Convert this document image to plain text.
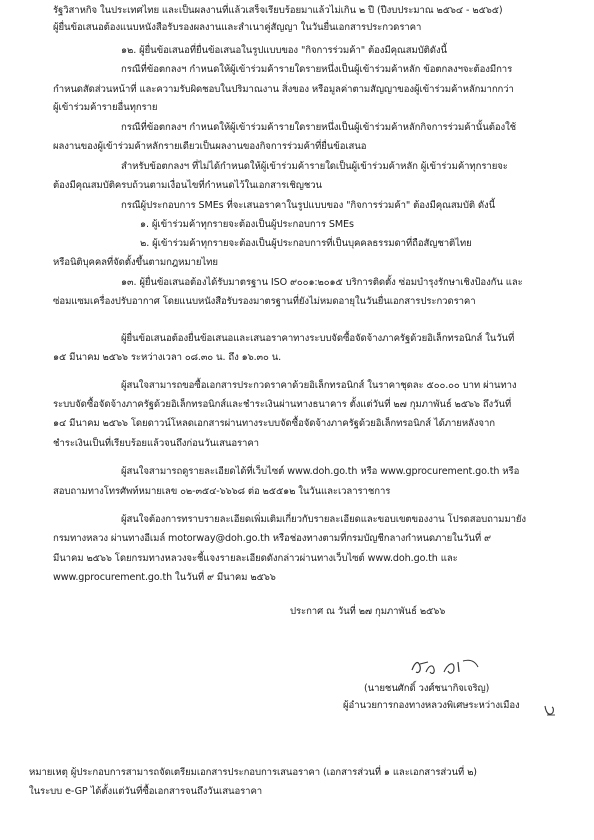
รัฐวิสาหกิจ ในประเทศไทย และเป็นผลงานที่แล้วเสร็จเรียบร้อยมาแล้วไม่เกิน ๒ ปี (ปีงบประมาณ ๒๕๖๔ - ๒๕๖๕)
ผู้ยื่นข้อเสนอต้องแนบหนังสือรับรองผลงานและสำเนาคู่สัญญา ในวันยื่นเอกสารประกวดราคา
๑๒. ผู้ยื่นข้อเสนอที่ยื่นข้อเสนอในรูปแบบของ "กิจการร่วมค้า" ต้องมีคุณสมบัติดังนี้
กรณีที่ข้อตกลงฯ กำหนดให้ผู้เข้าร่วมค้ารายใดรายหนึ่งเป็นผู้เข้าร่วมค้าหลัก ข้อตกลงฯจะต้องมีการ
กำหนดสัดส่วนหน้าที่ และความรับผิดชอบในปริมาณงาน สิ่งของ หรือมูลค่าตามสัญญาของผู้เข้าร่วมค้าหลักมากกว่า
ผู้เข้าร่วมค้ารายอื่นทุกราย
กรณีที่ข้อตกลงฯ กำหนดให้ผู้เข้าร่วมค้ารายใดรายหนึ่งเป็นผู้เข้าร่วมค้าหลักกิจการร่วมค้านั้นต้องใช้
ผลงานของผู้เข้าร่วมค้าหลักรายเดียวเป็นผลงานของกิจการร่วมค้าที่ยื่นข้อเสนอ
สำหรับข้อตกลงฯ ที่ไม่ได้กำหนดให้ผู้เข้าร่วมค้ารายใดเป็นผู้เข้าร่วมค้าหลัก ผู้เข้าร่วมค้าทุกรายจะ
ต้องมีคุณสมบัติครบถ้วนตามเงื่อนไขที่กำหนดไว้ในเอกสารเชิญชวน
กรณีผู้ประกอบการ SMEs ที่จะเสนอราคาในรูปแบบของ "กิจการร่วมค้า" ต้องมีคุณสมบัติ ดังนี้
๑. ผู้เข้าร่วมค้าทุกรายจะต้องเป็นผู้ประกอบการ SMEs
๒. ผู้เข้าร่วมค้าทุกรายจะต้องเป็นผู้ประกอบการที่เป็นบุคคลธรรมดาที่ถือสัญชาติไทย
หรือนิติบุคคลที่จัดตั้งขึ้นตามกฎหมายไทย
๑๓. ผู้ยื่นข้อเสนอต้องได้รับมาตรฐาน ISO ๙๐๐๑:๒๐๑๕ บริการติดตั้ง ซ่อมบำรุงรักษาเชิงป้องกัน และ
ซ่อมแซมเครื่องปรับอากาศ โดยแนบหนังสือรับรองมาตรฐานที่ยังไม่หมดอายุในวันยื่นเอกสารประกวดราคา
ผู้ยื่นข้อเสนอต้องยื่นข้อเสนอและเสนอราคาทางระบบจัดซื้อจัดจ้างภาครัฐด้วยอิเล็กทรอนิกส์ ในวันที่
๑๕ มีนาคม ๒๕๖๖ ระหว่างเวลา ๐๘.๓๐ น. ถึง ๑๖.๓๐ น.
ผู้สนใจสามารถขอซื้อเอกสารประกวดราคาด้วยอิเล็กทรอนิกส์ ในราคาชุดละ ๕๐๐.๐๐ บาท ผ่านทาง
ระบบจัดซื้อจัดจ้างภาครัฐด้วยอิเล็กทรอนิกส์และชำระเงินผ่านทางธนาคาร ตั้งแต่วันที่ ๒๗ กุมภาพันธ์ ๒๕๖๖ ถึงวันที่
๑๔ มีนาคม ๒๕๖๖ โดยดาวน์โหลดเอกสารผ่านทางระบบจัดซื้อจัดจ้างภาครัฐด้วยอิเล็กทรอนิกส์ ได้ภายหลังจาก
ชำระเงินเป็นที่เรียบร้อยแล้วจนถึงก่อนวันเสนอราคา
ผู้สนใจสามารถดูรายละเอียดได้ที่เว็บไซต์ www.doh.go.th หรือ www.gprocurement.go.th หรือ
สอบถามทางโทรศัพท์หมายเลข ๐๒-๓๕๔-๖๖๖๘ ต่อ ๒๕๕๑๒ ในวันและเวลาราชการ
ผู้สนใจต้องการทราบรายละเอียดเพิ่มเติมเกี่ยวกับรายละเอียดและขอบเขตของงาน โปรดสอบถามมายัง
กรมทางหลวง ผ่านทางอีเมล์ motorway@doh.go.th หรือช่องทางตามที่กรมบัญชีกลางกำหนดภายในวันที่ ๙
มีนาคม ๒๕๖๖ โดยกรมทางหลวงจะชี้แจงรายละเอียดดังกล่าวผ่านทางเว็บไซต์ www.doh.go.th และ
www.gprocurement.go.th ในวันที่ ๙ มีนาคม ๒๕๖๖
ประกาศ ณ วันที่ ๒๗ กุมภาพันธ์ ๒๕๖๖
(นายชนศักดิ์ วงศ์ชนากิจเจริญ)
ผู้อำนวยการกองทางหลวงพิเศษระหว่างเมือง
หมายเหตุ ผู้ประกอบการสามารถจัดเตรียมเอกสารประกอบการเสนอราคา (เอกสารส่วนที่ ๑ และเอกสารส่วนที่ ๒)
ในระบบ e-GP ได้ตั้งแต่วันที่ซื้อเอกสารจนถึงวันเสนอราคา
